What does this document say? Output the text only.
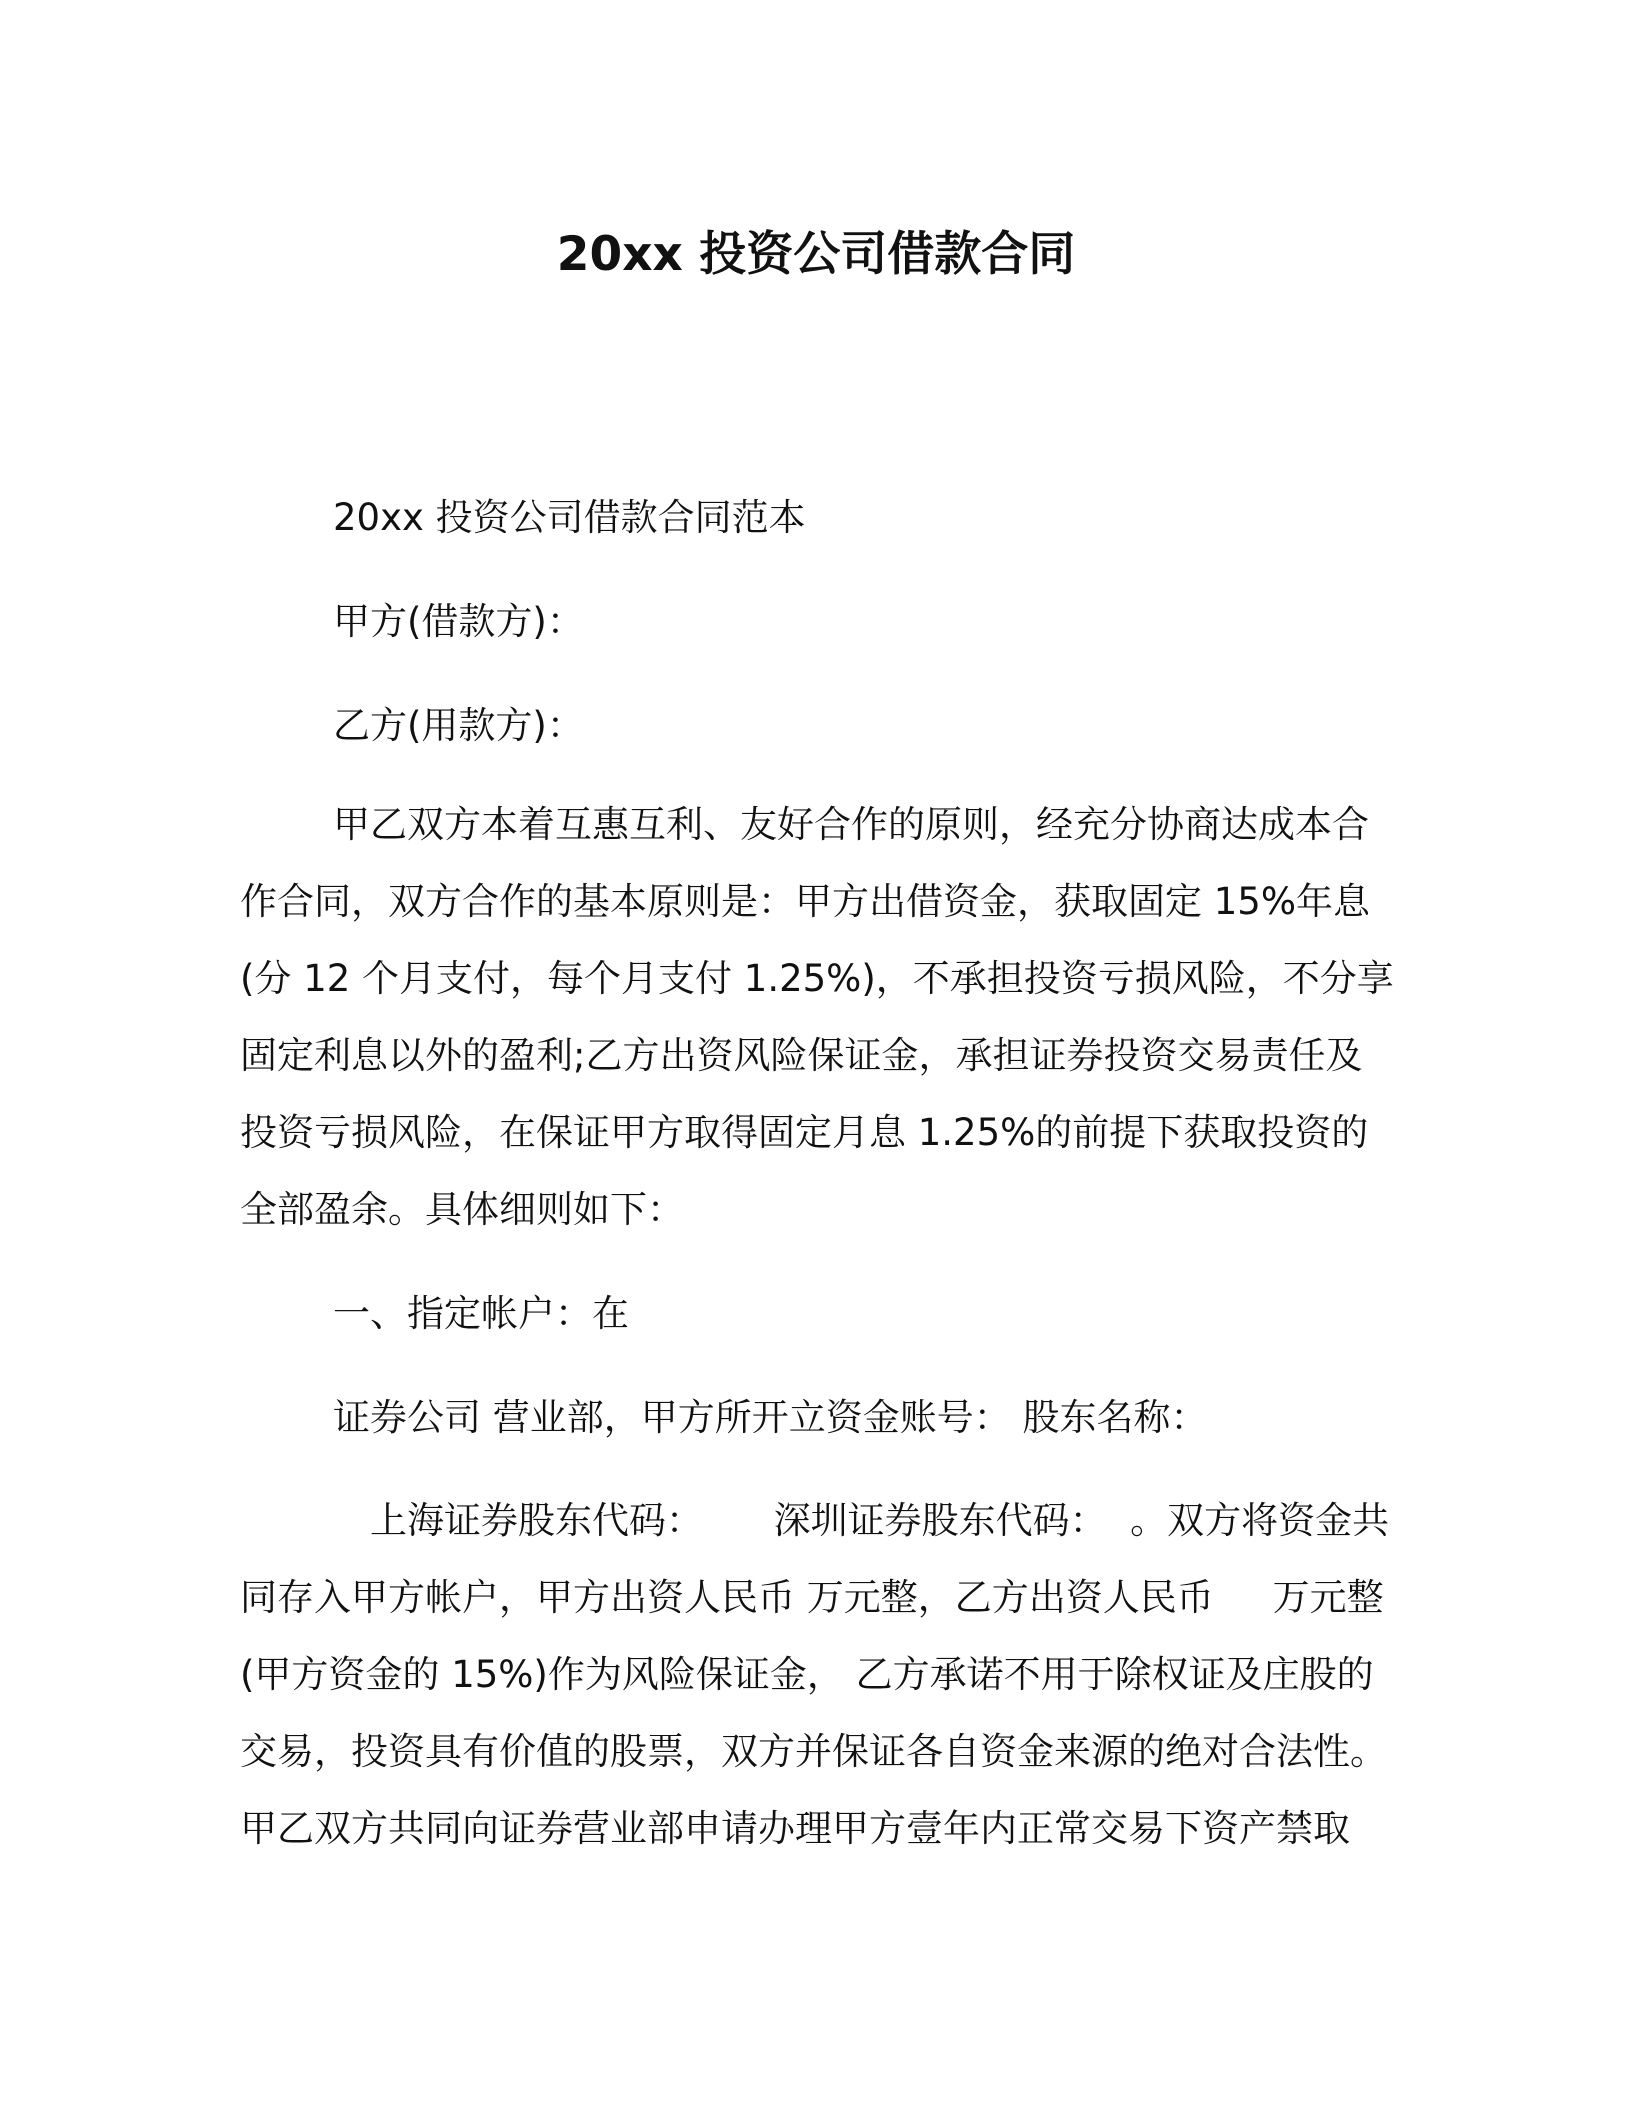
20xx 投资公司借款合同
20xx 投资公司借款合同范本
甲方(借款方)：
乙方(用款方)：
甲乙双方本着互惠互利、友好合作的原则，经充分协商达成本合
作合同，双方合作的基本原则是：甲方出借资金，获取固定 15%年息
(分 12 个月支付，每个月支付 1.25%)，不承担投资亏损风险，不分享
固定利息以外的盈利;乙方出资风险保证金，承担证券投资交易责任及
投资亏损风险，在保证甲方取得固定月息 1.25%的前提下获取投资的
全部盈余。具体细则如下：
一、指定帐户：在
证券公司 营业部，甲方所开立资金账号： 股东名称：
上海证券股东代码：      深圳证券股东代码：  。双方将资金共
同存入甲方帐户，甲方出资人民币 万元整，乙方出资人民币     万元整
(甲方资金的 15%)作为风险保证金， 乙方承诺不用于除权证及庄股的
交易，投资具有价值的股票，双方并保证各自资金来源的绝对合法性。
甲乙双方共同向证券营业部申请办理甲方壹年内正常交易下资产禁取
